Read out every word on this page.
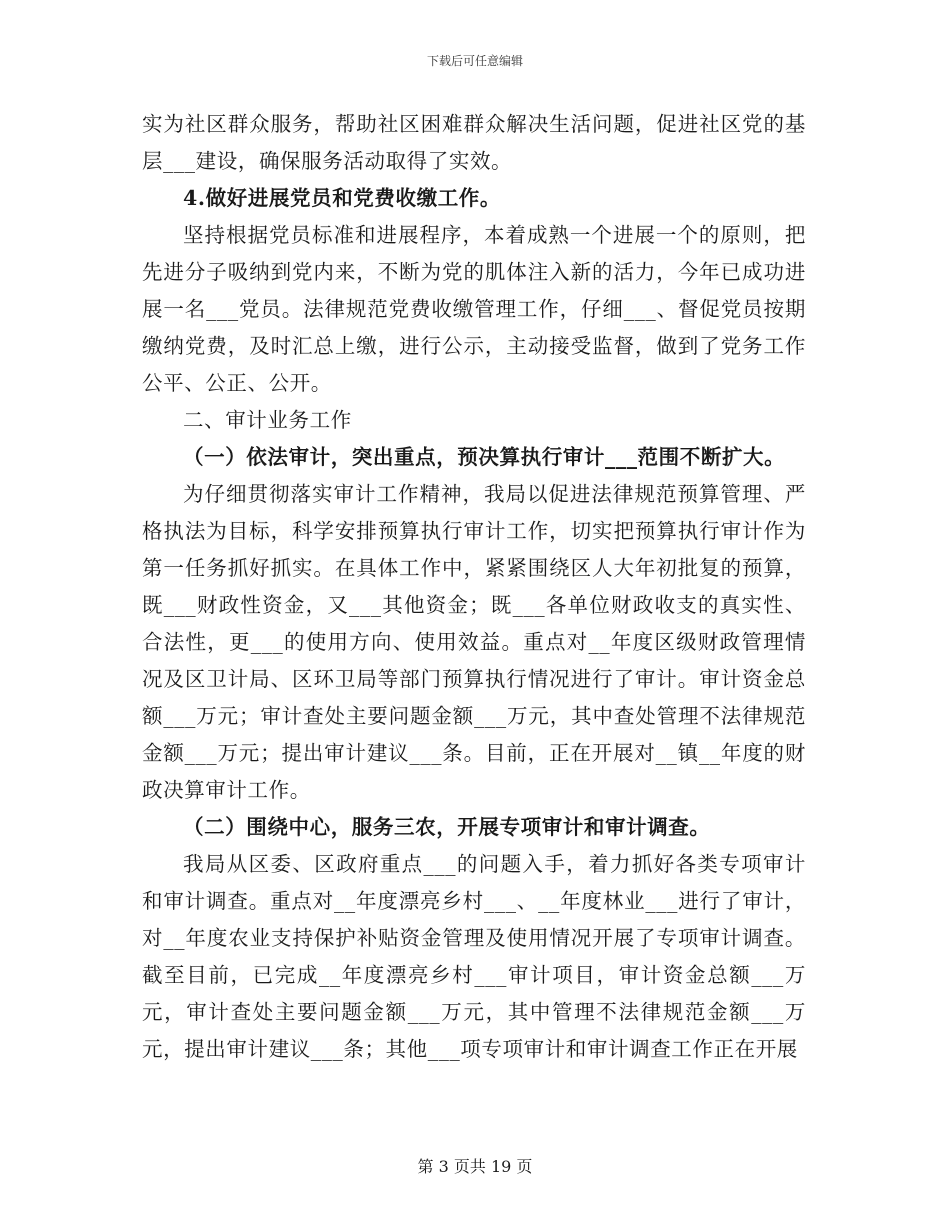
下载后可任意编辑

实为社区群众服务，帮助社区困难群众解决生活问题，促进社区党的基层___建设，确保服务活动取得了实效。

4.做好进展党员和党费收缴工作。

坚持根据党员标准和进展程序，本着成熟一个进展一个的原则，把先进分子吸纳到党内来，不断为党的肌体注入新的活力，今年已成功进展一名___党员。法律规范党费收缴管理工作，仔细___、督促党员按期缴纳党费，及时汇总上缴，进行公示，主动接受监督，做到了党务工作公平、公正、公开。

二、审计业务工作

（一）依法审计，突出重点，预决算执行审计___范围不断扩大。

为仔细贯彻落实审计工作精神，我局以促进法律规范预算管理、严格执法为目标，科学安排预算执行审计工作，切实把预算执行审计作为第一任务抓好抓实。在具体工作中，紧紧围绕区人大年初批复的预算，既___财政性资金，又___其他资金；既___各单位财政收支的真实性、合法性，更___的使用方向、使用效益。重点对__年度区级财政管理情况及区卫计局、区环卫局等部门预算执行情况进行了审计。审计资金总额___万元；审计查处主要问题金额___万元，其中查处管理不法律规范金额___万元；提出审计建议___条。目前，正在开展对__镇__年度的财政决算审计工作。

（二）围绕中心，服务三农，开展专项审计和审计调查。

我局从区委、区政府重点___的问题入手，着力抓好各类专项审计和审计调查。重点对__年度漂亮乡村___、__年度林业___进行了审计，对__年度农业支持保护补贴资金管理及使用情况开展了专项审计调查。截至目前，已完成__年度漂亮乡村___审计项目，审计资金总额___万元，审计查处主要问题金额___万元，其中管理不法律规范金额___万元，提出审计建议___条；其他___项专项审计和审计调查工作正在开展

第 3 页共 19 页
